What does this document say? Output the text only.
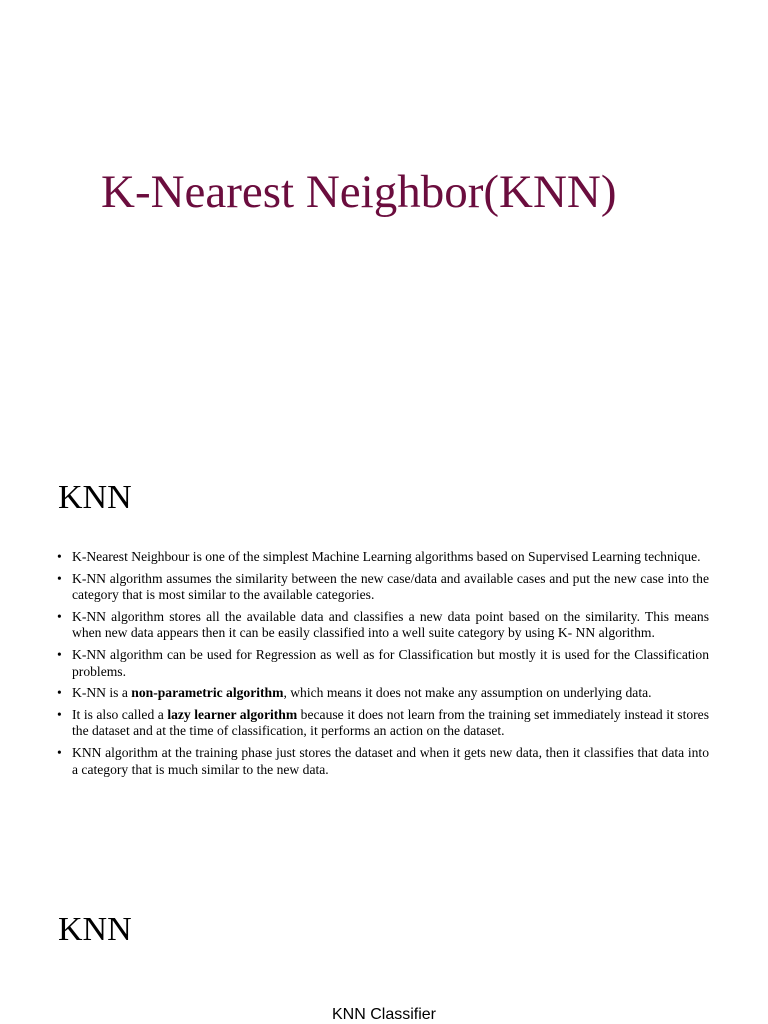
K-Nearest Neighbor(KNN)
KNN
• K-Nearest Neighbour is one of the simplest Machine Learning algorithms based on Supervised Learning technique.
• K-NN algorithm assumes the similarity between the new case/data and available cases and put the new case into the category that is most similar to the available categories.
• K-NN algorithm stores all the available data and classifies a new data point based on the similarity. This means when new data appears then it can be easily classified into a well suite category by using K- NN algorithm.
• K-NN algorithm can be used for Regression as well as for Classification but mostly it is used for the Classification problems.
• K-NN is a non-parametric algorithm, which means it does not make any assumption on underlying data.
• It is also called a lazy learner algorithm because it does not learn from the training set immediately instead it stores the dataset and at the time of classification, it performs an action on the dataset.
• KNN algorithm at the training phase just stores the dataset and when it gets new data, then it classifies that data into a category that is much similar to the new data.
KNN
KNN Classifier
